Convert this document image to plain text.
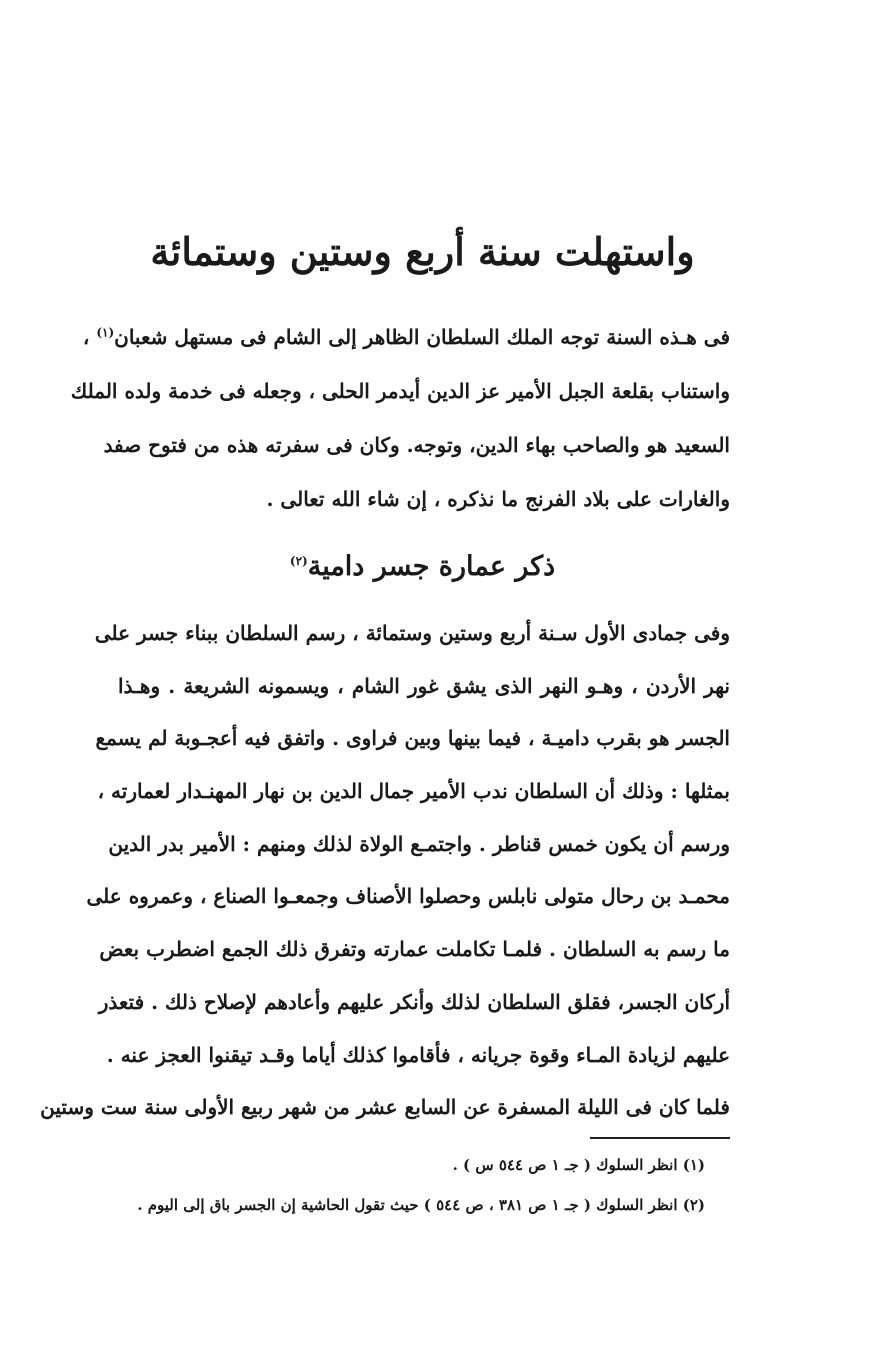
واستهلت سنة أربع وستين وستمائة
فى هـذه السنة توجه الملك السلطان الظاهر إلى الشام فى مستهل شعبان$^{(١)}$ ،
واستناب بقلعة الجبل الأمير عز الدين أيدمر الحلى ، وجعله فى خدمة ولده الملك
السعيد هو والصاحب بهاء الدين، وتوجه. وكان فى سفرته هذه من فتوح صفد
والغارات على بلاد الفرنج ما نذكره ، إن شاء الله تعالى .
ذكر عمارة جسر دامية$^{(٢)}$
وفى جمادى الأول سـنة أربع وستين وستمائة ، رسم السلطان ببناء جسر على
نهر الأردن ، وهـو النهر الذى يشق غور الشام ، ويسمونه الشريعة . وهـذا
الجسر هو بقرب داميـة ، فيما بينها وبين فراوى . واتفق فيه أعجـوبة لم يسمع
بمثلها : وذلك أن السلطان ندب الأمير جمال الدين بن نهار المهنـدار لعمارته ،
ورسم أن يكون خمس قناطر . واجتمـع الولاة لذلك ومنهم : الأمير بدر الدين
محمـد بن رحال متولى نابلس وحصلوا الأصناف وجمعـوا الصناع ، وعمروه على
ما رسم به السلطان . فلمـا تكاملت عمارته وتفرق ذلك الجمع اضطرب بعض
أركان الجسر، فقلق السلطان لذلك وأنكر عليهم وأعادهم لإصلاح ذلك . فتعذر
عليهم لزيادة المـاء وقوة جريانه ، فأقاموا كذلك أياما وقـد تيقنوا العجز عنه .
فلما كان فى الليلة المسفرة عن السابع عشر من شهر ربيع الأولى سنة ست وستين
(١) انظر السلوك ( جـ ١ ص ٥٤٤ س ) .
(٢) انظر السلوك ( جـ ١ ص ٣٨١ ، ص ٥٤٤ ) حيث تقول الحاشية إن الجسر باق إلى اليوم .
